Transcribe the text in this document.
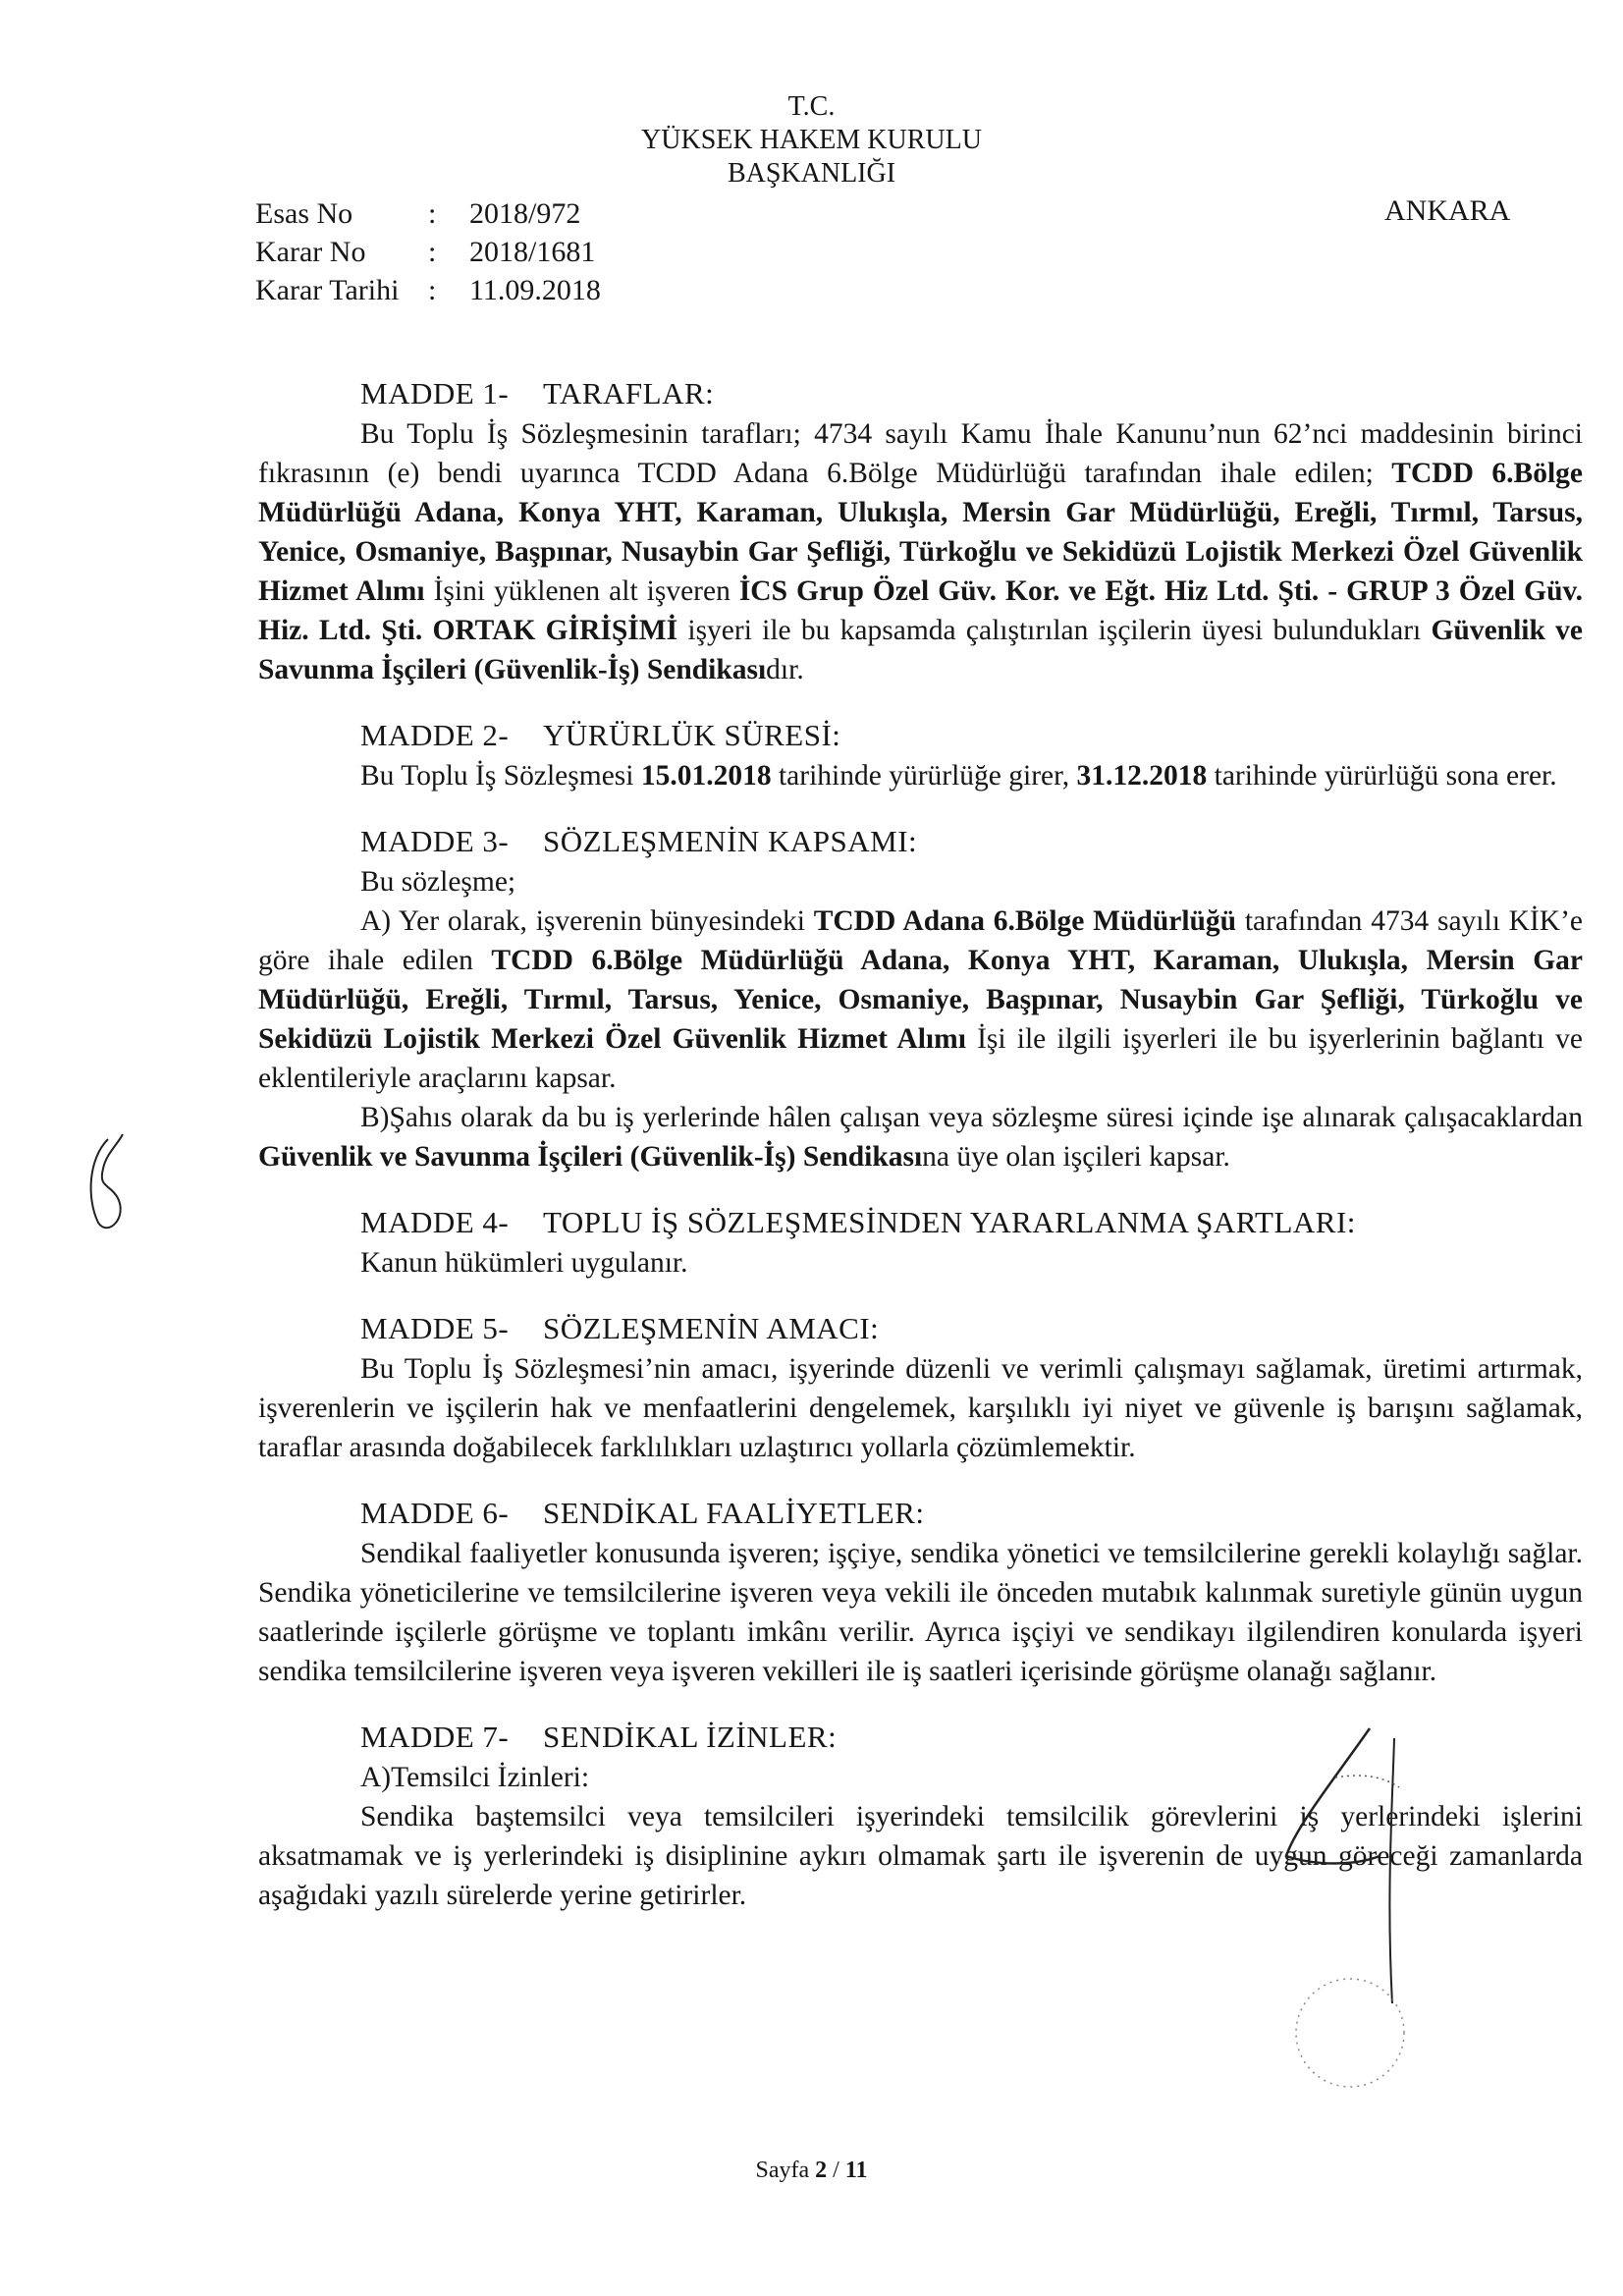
T.C.
YÜKSEK HAKEM KURULU
BAŞKANLIĞI
ANKARA
Esas No	:	2018/972
Karar No	:	2018/1681
Karar Tarihi :	11.09.2018
MADDE 1-	TARAFLAR:

Bu Toplu İş Sözleşmesinin tarafları; 4734 sayılı Kamu İhale Kanunu’nun 62’nci maddesinin birinci fıkrasının (e) bendi uyarınca TCDD Adana 6.Bölge Müdürlüğü tarafından ihale edilen; TCDD 6.Bölge Müdürlüğü Adana, Konya YHT, Karaman, Ulukışla, Mersin Gar Müdürlüğü, Ereğli, Tırmıl, Tarsus, Yenice, Osmaniye, Başpınar, Nusaybin Gar Şefliği, Türkoğlu ve Sekidüzü Lojistik Merkezi Özel Güvenlik Hizmet Alımı İşini yüklenen alt işveren İCS Grup Özel Güv. Kor. ve Eğt. Hiz Ltd. Şti. - GRUP 3 Özel Güv. Hiz. Ltd. Şti. ORTAK GİRİŞİMİ işyeri ile bu kapsamda çalıştırılan işçilerin üyesi bulundukları Güvenlik ve Savunma İşçileri (Güvenlik-İş) Sendikasıdır.

MADDE 2-	YÜRÜRLÜK SÜRESİ:

Bu Toplu İş Sözleşmesi 15.01.2018 tarihinde yürürlüğe girer, 31.12.2018 tarihinde yürürlüğü sona erer.

MADDE 3-	SÖZLEŞMENİN KAPSAMI:

Bu sözleşme;

A) Yer olarak, işverenin bünyesindeki TCDD Adana 6.Bölge Müdürlüğü tarafından 4734 sayılı KİK’e göre ihale edilen TCDD 6.Bölge Müdürlüğü Adana, Konya YHT, Karaman, Ulukışla, Mersin Gar Müdürlüğü, Ereğli, Tırmıl, Tarsus, Yenice, Osmaniye, Başpınar, Nusaybin Gar Şefliği, Türkoğlu ve Sekidüzü Lojistik Merkezi Özel Güvenlik Hizmet Alımı İşi ile ilgili işyerleri ile bu işyerlerinin bağlantı ve eklentileriyle araçlarını kapsar.

B)Şahıs olarak da bu iş yerlerinde hâlen çalışan veya sözleşme süresi içinde işe alınarak çalışacaklardan Güvenlik ve Savunma İşçileri (Güvenlik-İş) Sendikasına üye olan işçileri kapsar.

MADDE 4-	TOPLU İŞ SÖZLEŞMESİNDEN YARARLANMA ŞARTLARI:

Kanun hükümleri uygulanır.

MADDE 5-	SÖZLEŞMENİN AMACI:

Bu Toplu İş Sözleşmesi’nin amacı, işyerinde düzenli ve verimli çalışmayı sağlamak, üretimi artırmak, işverenlerin ve işçilerin hak ve menfaatlerini dengelemek, karşılıklı iyi niyet ve güvenle iş barışını sağlamak, taraflar arasında doğabilecek farklılıkları uzlaştırıcı yollarla çözümlemektir.

MADDE 6-	SENDİKAL FAALİYETLER:

Sendikal faaliyetler konusunda işveren; işçiye, sendika yönetici ve temsilcilerine gerekli kolaylığı sağlar. Sendika yöneticilerine ve temsilcilerine işveren veya vekili ile önceden mutabık kalınmak suretiyle günün uygun saatlerinde işçilerle görüşme ve toplantı imkânı verilir. Ayrıca işçiyi ve sendikayı ilgilendiren konularda işyeri sendika temsilcilerine işveren veya işveren vekilleri ile iş saatleri içerisinde görüşme olanağı sağlanır.

MADDE 7-	SENDİKAL İZİNLER:

A)Temsilci İzinleri:

Sendika baştemsilci veya temsilcileri işyerindeki temsilcilik görevlerini iş yerlerindeki işlerini aksatmamak ve iş yerlerindeki iş disiplinine aykırı olmamak şartı ile işverenin de uygun göreceği zamanlarda aşağıdaki yazılı sürelerde yerine getirirler.

Sayfa 2 / 11
